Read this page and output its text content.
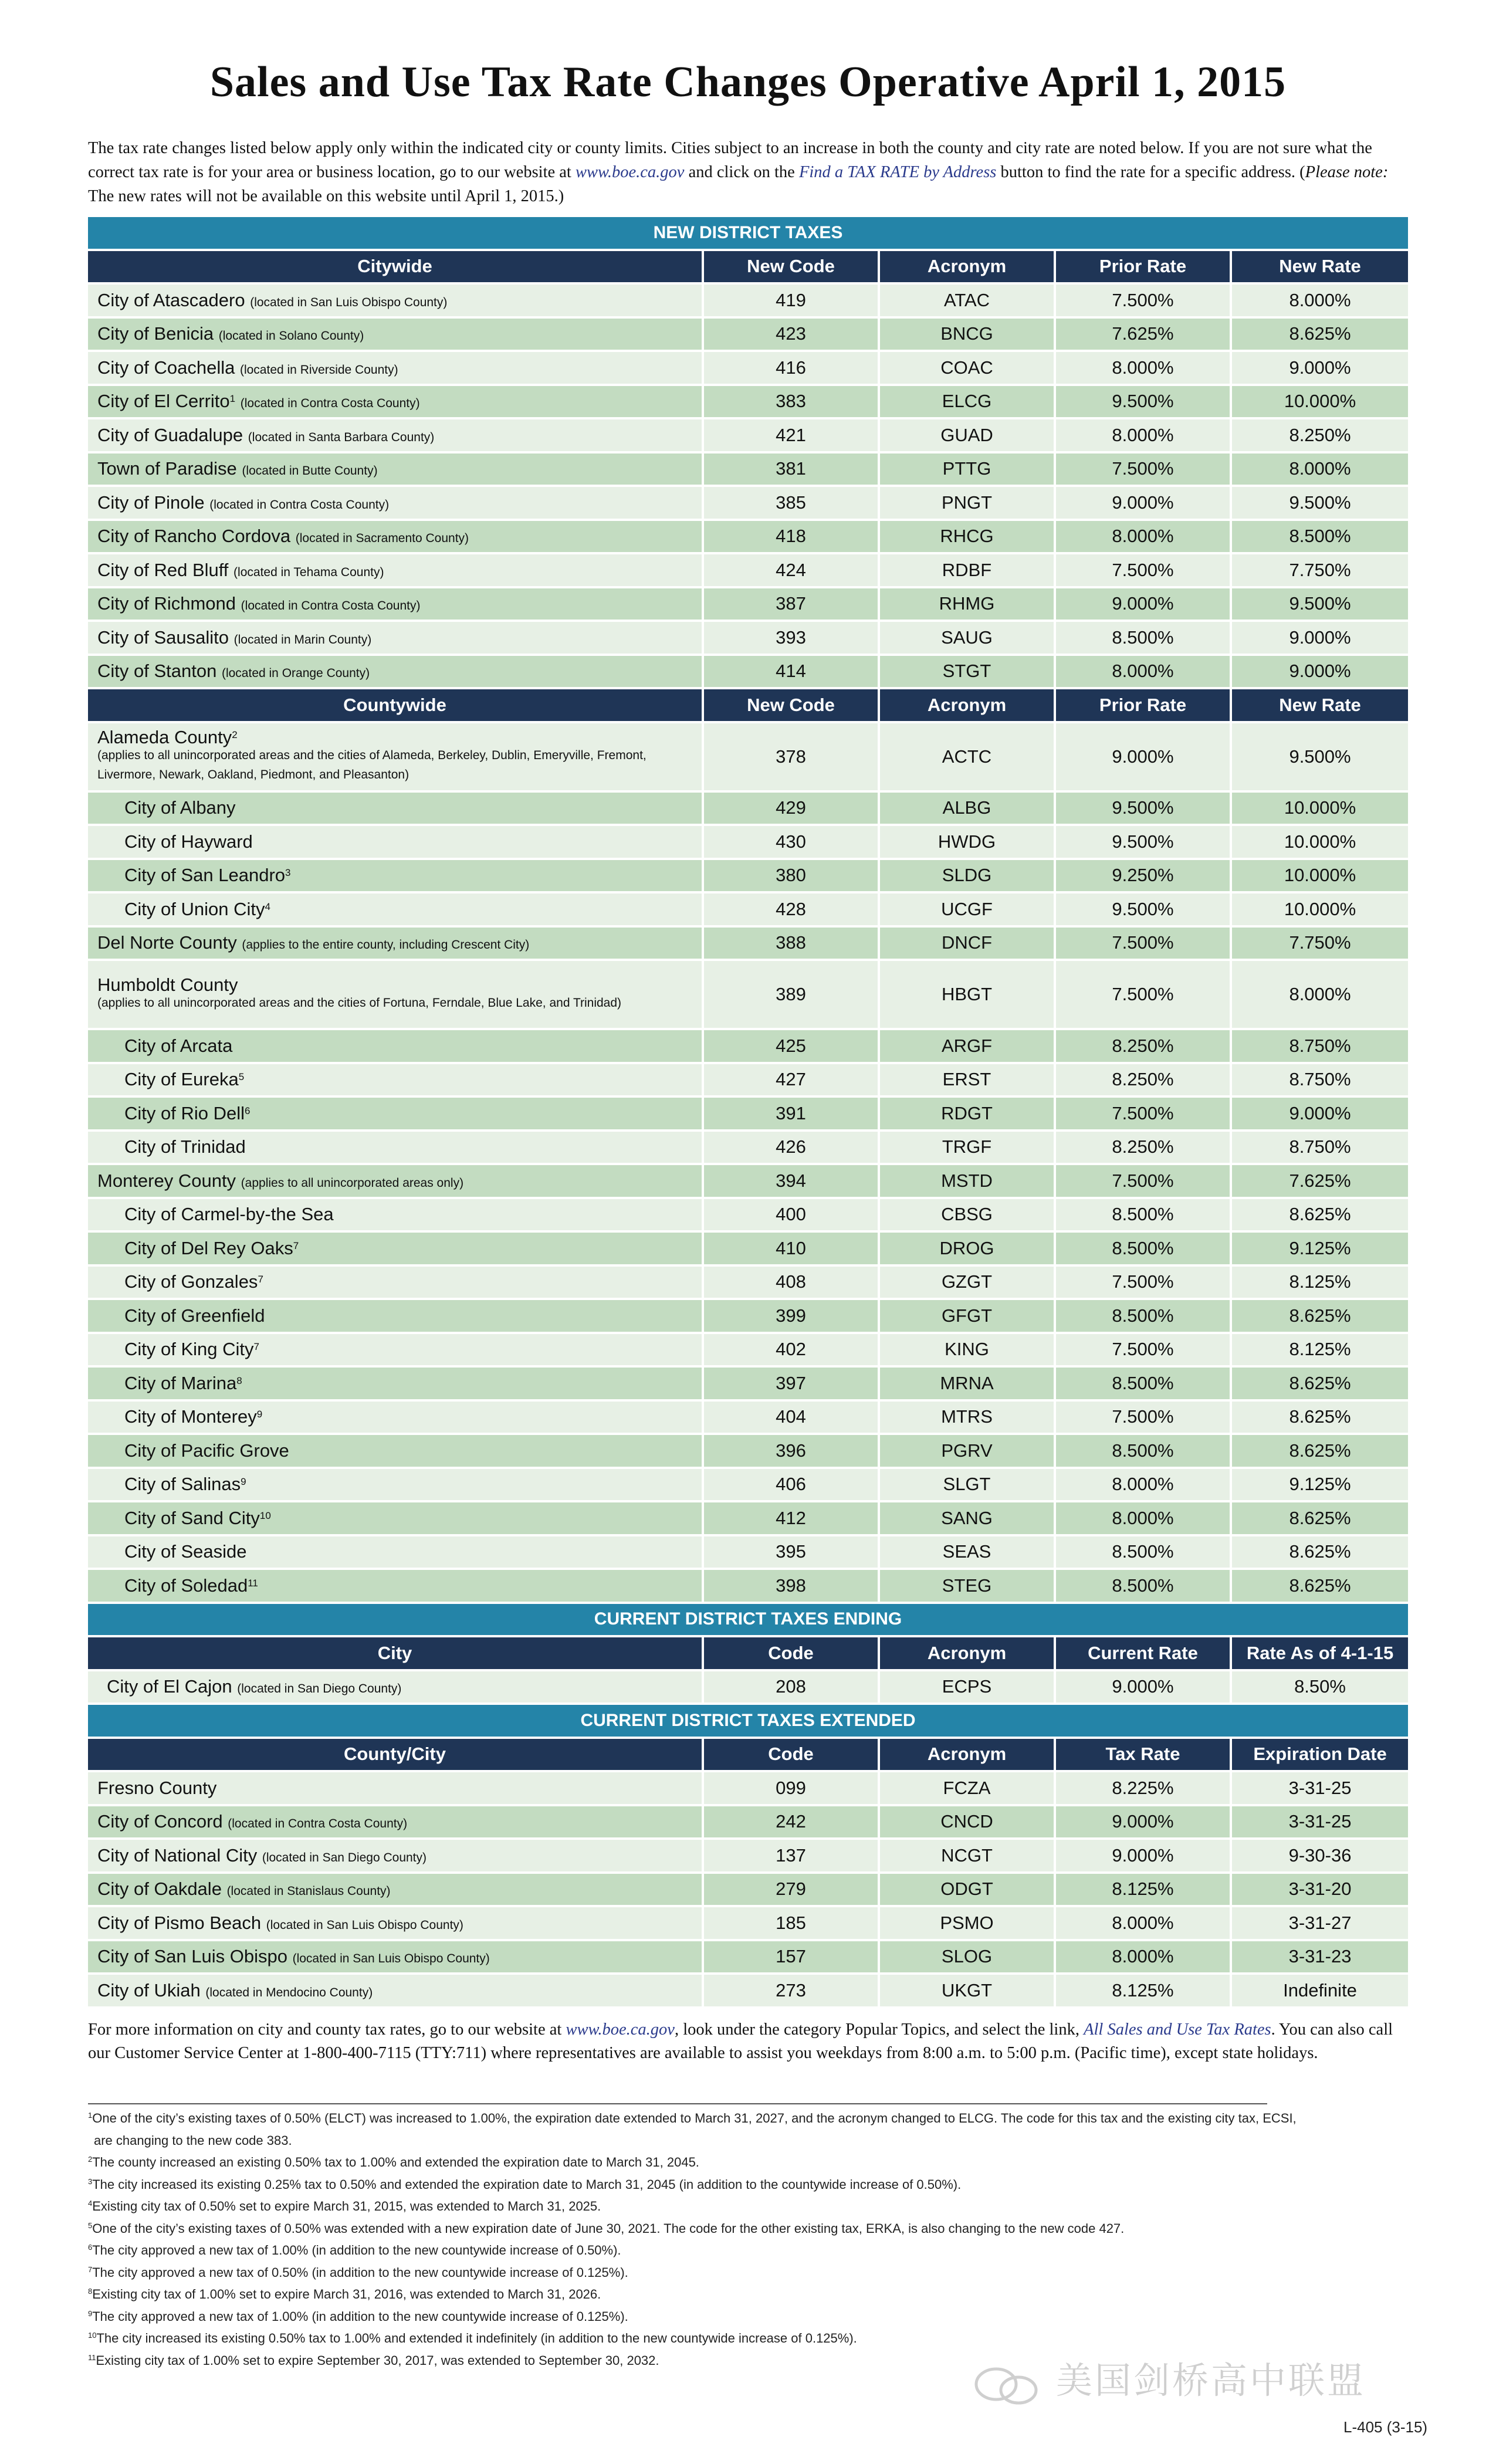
Sales and Use Tax Rate Changes Operative April 1, 2015
The tax rate changes listed below apply only within the indicated city or county limits. Cities subject to an increase in both the county and city rate are noted below. If you are not sure what the correct tax rate is for your area or business location, go to our website at www.boe.ca.gov and click on the Find a TAX RATE by Address button to find the rate for a specific address. (Please note: The new rates will not be available on this website until April 1, 2015.)
NEW DISTRICT TAXES				
Citywide	New Code	Acronym	Prior Rate	New Rate
City of Atascadero (located in San Luis Obispo County)	419	ATAC	7.500%	8.000%
City of Benicia (located in Solano County)	423	BNCG	7.625%	8.625%
City of Coachella (located in Riverside County)	416	COAC	8.000%	9.000%
City of El Cerrito$^1$ (located in Contra Costa County)	383	ELCG	9.500%	10.000%
City of Guadalupe (located in Santa Barbara County)	421	GUAD	8.000%	8.250%
Town of Paradise (located in Butte County)	381	PTTG	7.500%	8.000%
City of Pinole (located in Contra Costa County)	385	PNGT	9.000%	9.500%
City of Rancho Cordova (located in Sacramento County)	418	RHCG	8.000%	8.500%
City of Red Bluff (located in Tehama County)	424	RDBF	7.500%	7.750%
City of Richmond (located in Contra Costa County)	387	RHMG	9.000%	9.500%
City of Sausalito (located in Marin County)	393	SAUG	8.500%	9.000%
City of Stanton (located in Orange County)	414	STGT	8.000%	9.000%
Countywide	New Code	Acronym	Prior Rate	New Rate
Alameda County$^2$
(applies to all unincorporated areas and the cities of Alameda, Berkeley, Dublin, Emeryville, Fremont, Livermore, Newark, Oakland, Piedmont, and Pleasanton)	378	ACTC	9.000%	9.500%
City of Albany	429	ALBG	9.500%	10.000%
City of Hayward	430	HWDG	9.500%	10.000%
City of San Leandro$^3$	380	SLDG	9.250%	10.000%
City of Union City$^4$	428	UCGF	9.500%	10.000%
Del Norte County (applies to the entire county, including Crescent City)	388	DNCF	7.500%	7.750%
Humboldt County
(applies to all unincorporated areas and the cities of Fortuna, Ferndale, Blue Lake, and Trinidad)	389	HBGT	7.500%	8.000%
City of Arcata	425	ARGF	8.250%	8.750%
City of Eureka$^5$	427	ERST	8.250%	8.750%
City of Rio Dell$^6$	391	RDGT	7.500%	9.000%
City of Trinidad	426	TRGF	8.250%	8.750%
Monterey County (applies to all unincorporated areas only)	394	MSTD	7.500%	7.625%
City of Carmel-by-the Sea	400	CBSG	8.500%	8.625%
City of Del Rey Oaks$^7$	410	DROG	8.500%	9.125%
City of Gonzales$^7$	408	GZGT	7.500%	8.125%
City of Greenfield	399	GFGT	8.500%	8.625%
City of King City$^7$	402	KING	7.500%	8.125%
City of Marina$^8$	397	MRNA	8.500%	8.625%
City of Monterey$^9$	404	MTRS	7.500%	8.625%
City of Pacific Grove	396	PGRV	8.500%	8.625%
City of Salinas$^9$	406	SLGT	8.000%	9.125%
City of Sand City$^{10}$	412	SANG	8.000%	8.625%
City of Seaside	395	SEAS	8.500%	8.625%
City of Soledad$^{11}$	398	STEG	8.500%	8.625%
CURRENT DISTRICT TAXES ENDING				
City	Code	Acronym	Current Rate	Rate As of 4-1-15
City of El Cajon (located in San Diego County)	208	ECPS	9.000%	8.50%
CURRENT DISTRICT TAXES EXTENDED				
County/City	Code	Acronym	Tax Rate	Expiration Date
Fresno County	099	FCZA	8.225%	3-31-25
City of Concord (located in Contra Costa County)	242	CNCD	9.000%	3-31-25
City of National City (located in San Diego County)	137	NCGT	9.000%	9-30-36
City of Oakdale (located in Stanislaus County)	279	ODGT	8.125%	3-31-20
City of Pismo Beach (located in San Luis Obispo County)	185	PSMO	8.000%	3-31-27
City of San Luis Obispo (located in San Luis Obispo County)	157	SLOG	8.000%	3-31-23
City of Ukiah (located in Mendocino County)	273	UKGT	8.125%	Indefinite
For more information on city and county tax rates, go to our website at www.boe.ca.gov, look under the category Popular Topics, and select the link, All Sales and Use Tax Rates. You can also call our Customer Service Center at 1-800-400-7115 (TTY:711) where representatives are available to assist you weekdays from 8:00 a.m. to 5:00 p.m. (Pacific time), except state holidays.
$^1$One of the city’s existing taxes of 0.50% (ELCT) was increased to 1.00%, the expiration date extended to March 31, 2027, and the acronym changed to ELCG. The code for this tax and the existing city tax, ECSI,
are changing to the new code 383.
$^2$The county increased an existing 0.50% tax to 1.00% and extended the expiration date to March 31, 2045.
$^3$The city increased its existing 0.25% tax to 0.50% and extended the expiration date to March 31, 2045 (in addition to the countywide increase of 0.50%).
$^4$Existing city tax of 0.50% set to expire March 31, 2015, was extended to March 31, 2025.
$^5$One of the city’s existing taxes of 0.50% was extended with a new expiration date of June 30, 2021. The code for the other existing tax, ERKA, is also changing to the new code 427.
$^6$The city approved a new tax of 1.00% (in addition to the new countywide increase of 0.50%).
$^7$The city approved a new tax of 0.50% (in addition to the new countywide increase of 0.125%).
$^8$Existing city tax of 1.00% set to expire March 31, 2016, was extended to March 31, 2026.
$^9$The city approved a new tax of 1.00% (in addition to the new countywide increase of 0.125%).
$^{10}$The city increased its existing 0.50% tax to 1.00% and extended it indefinitely (in addition to the new countywide increase of 0.125%).
$^{11}$Existing city tax of 1.00% set to expire September 30, 2017, was extended to September 30, 2032.	美国剑桥高中联盟
L-405 (3-15)
